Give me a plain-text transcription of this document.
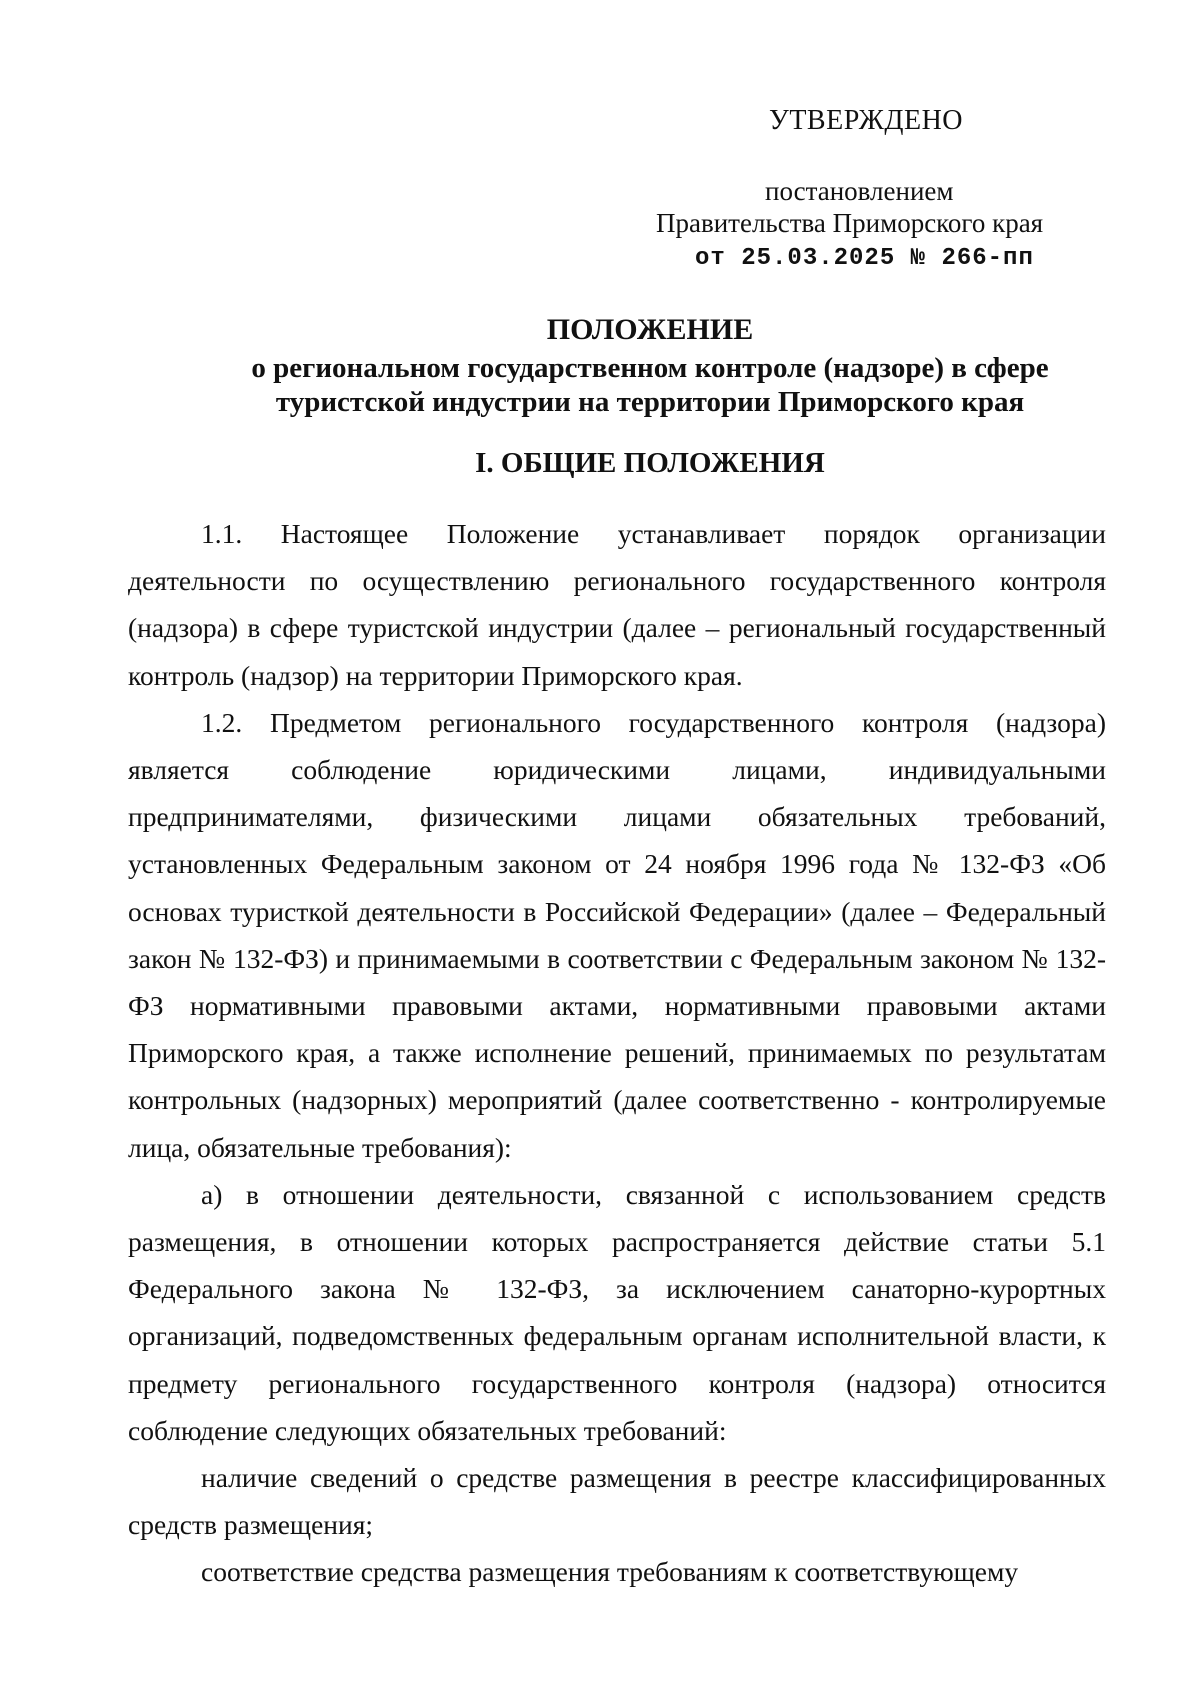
УТВЕРЖДЕНО
постановлением
Правительства Приморского края
от 25.03.2025 № 266-пп
ПОЛОЖЕНИЕ
о региональном государственном контроле (надзоре) в сфере
туристской индустрии на территории Приморского края
I. ОБЩИЕ ПОЛОЖЕНИЯ

1.1. Настоящее Положение устанавливает порядок организации деятельности по осуществлению регионального государственного контроля (надзора) в сфере туристской индустрии (далее – региональный государственный контроль (надзор) на территории Приморского края.

1.2. Предметом регионального государственного контроля (надзора) является соблюдение юридическими лицами, индивидуальными предпринимателями, физическими лицами обязательных требований, установленных Федеральным законом от 24 ноября 1996 года № 132-ФЗ «Об основах туристкой деятельности в Российской Федерации» (далее – Федеральный закон № 132-ФЗ) и принимаемыми в соответствии с Федеральным законом № 132-ФЗ нормативными правовыми актами, нормативными правовыми актами Приморского края, а также исполнение решений, принимаемых по результатам контрольных (надзорных) мероприятий (далее соответственно - контролируемые лица, обязательные требования):

а) в отношении деятельности, связанной с использованием средств размещения, в отношении которых распространяется действие статьи 5.1 Федерального закона № 132-ФЗ, за исключением санаторно-курортных организаций, подведомственных федеральным органам исполнительной власти, к предмету регионального государственного контроля (надзора) относится соблюдение следующих обязательных требований:

наличие сведений о средстве размещения в реестре классифицированных средств размещения;

соответствие средства размещения требованиям к соответствующему
